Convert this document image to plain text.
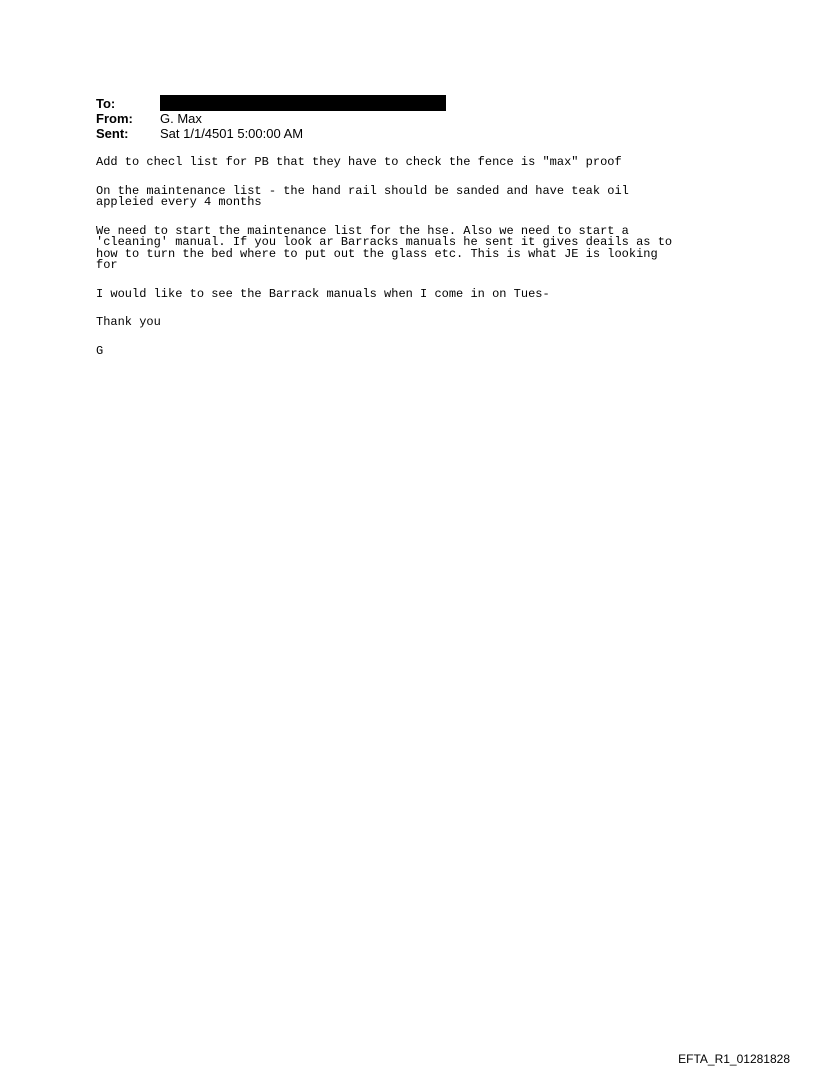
To:
From:	G. Max
Sent:	Sat 1/1/4501 5:00:00 AM

Add to checl list for PB that they have to check the fence is "max" proof

On the maintenance list - the hand rail should be sanded and have teak oil
appleied every 4 months

We need to start the maintenance list for the hse. Also we need to start a
'cleaning' manual. If you look ar Barracks manuals he sent it gives deails as to
how to turn the bed where to put out the glass etc. This is what JE is looking
for

I would like to see the Barrack manuals when I come in on Tues-

Thank you

G

EFTA_R1_01281828
